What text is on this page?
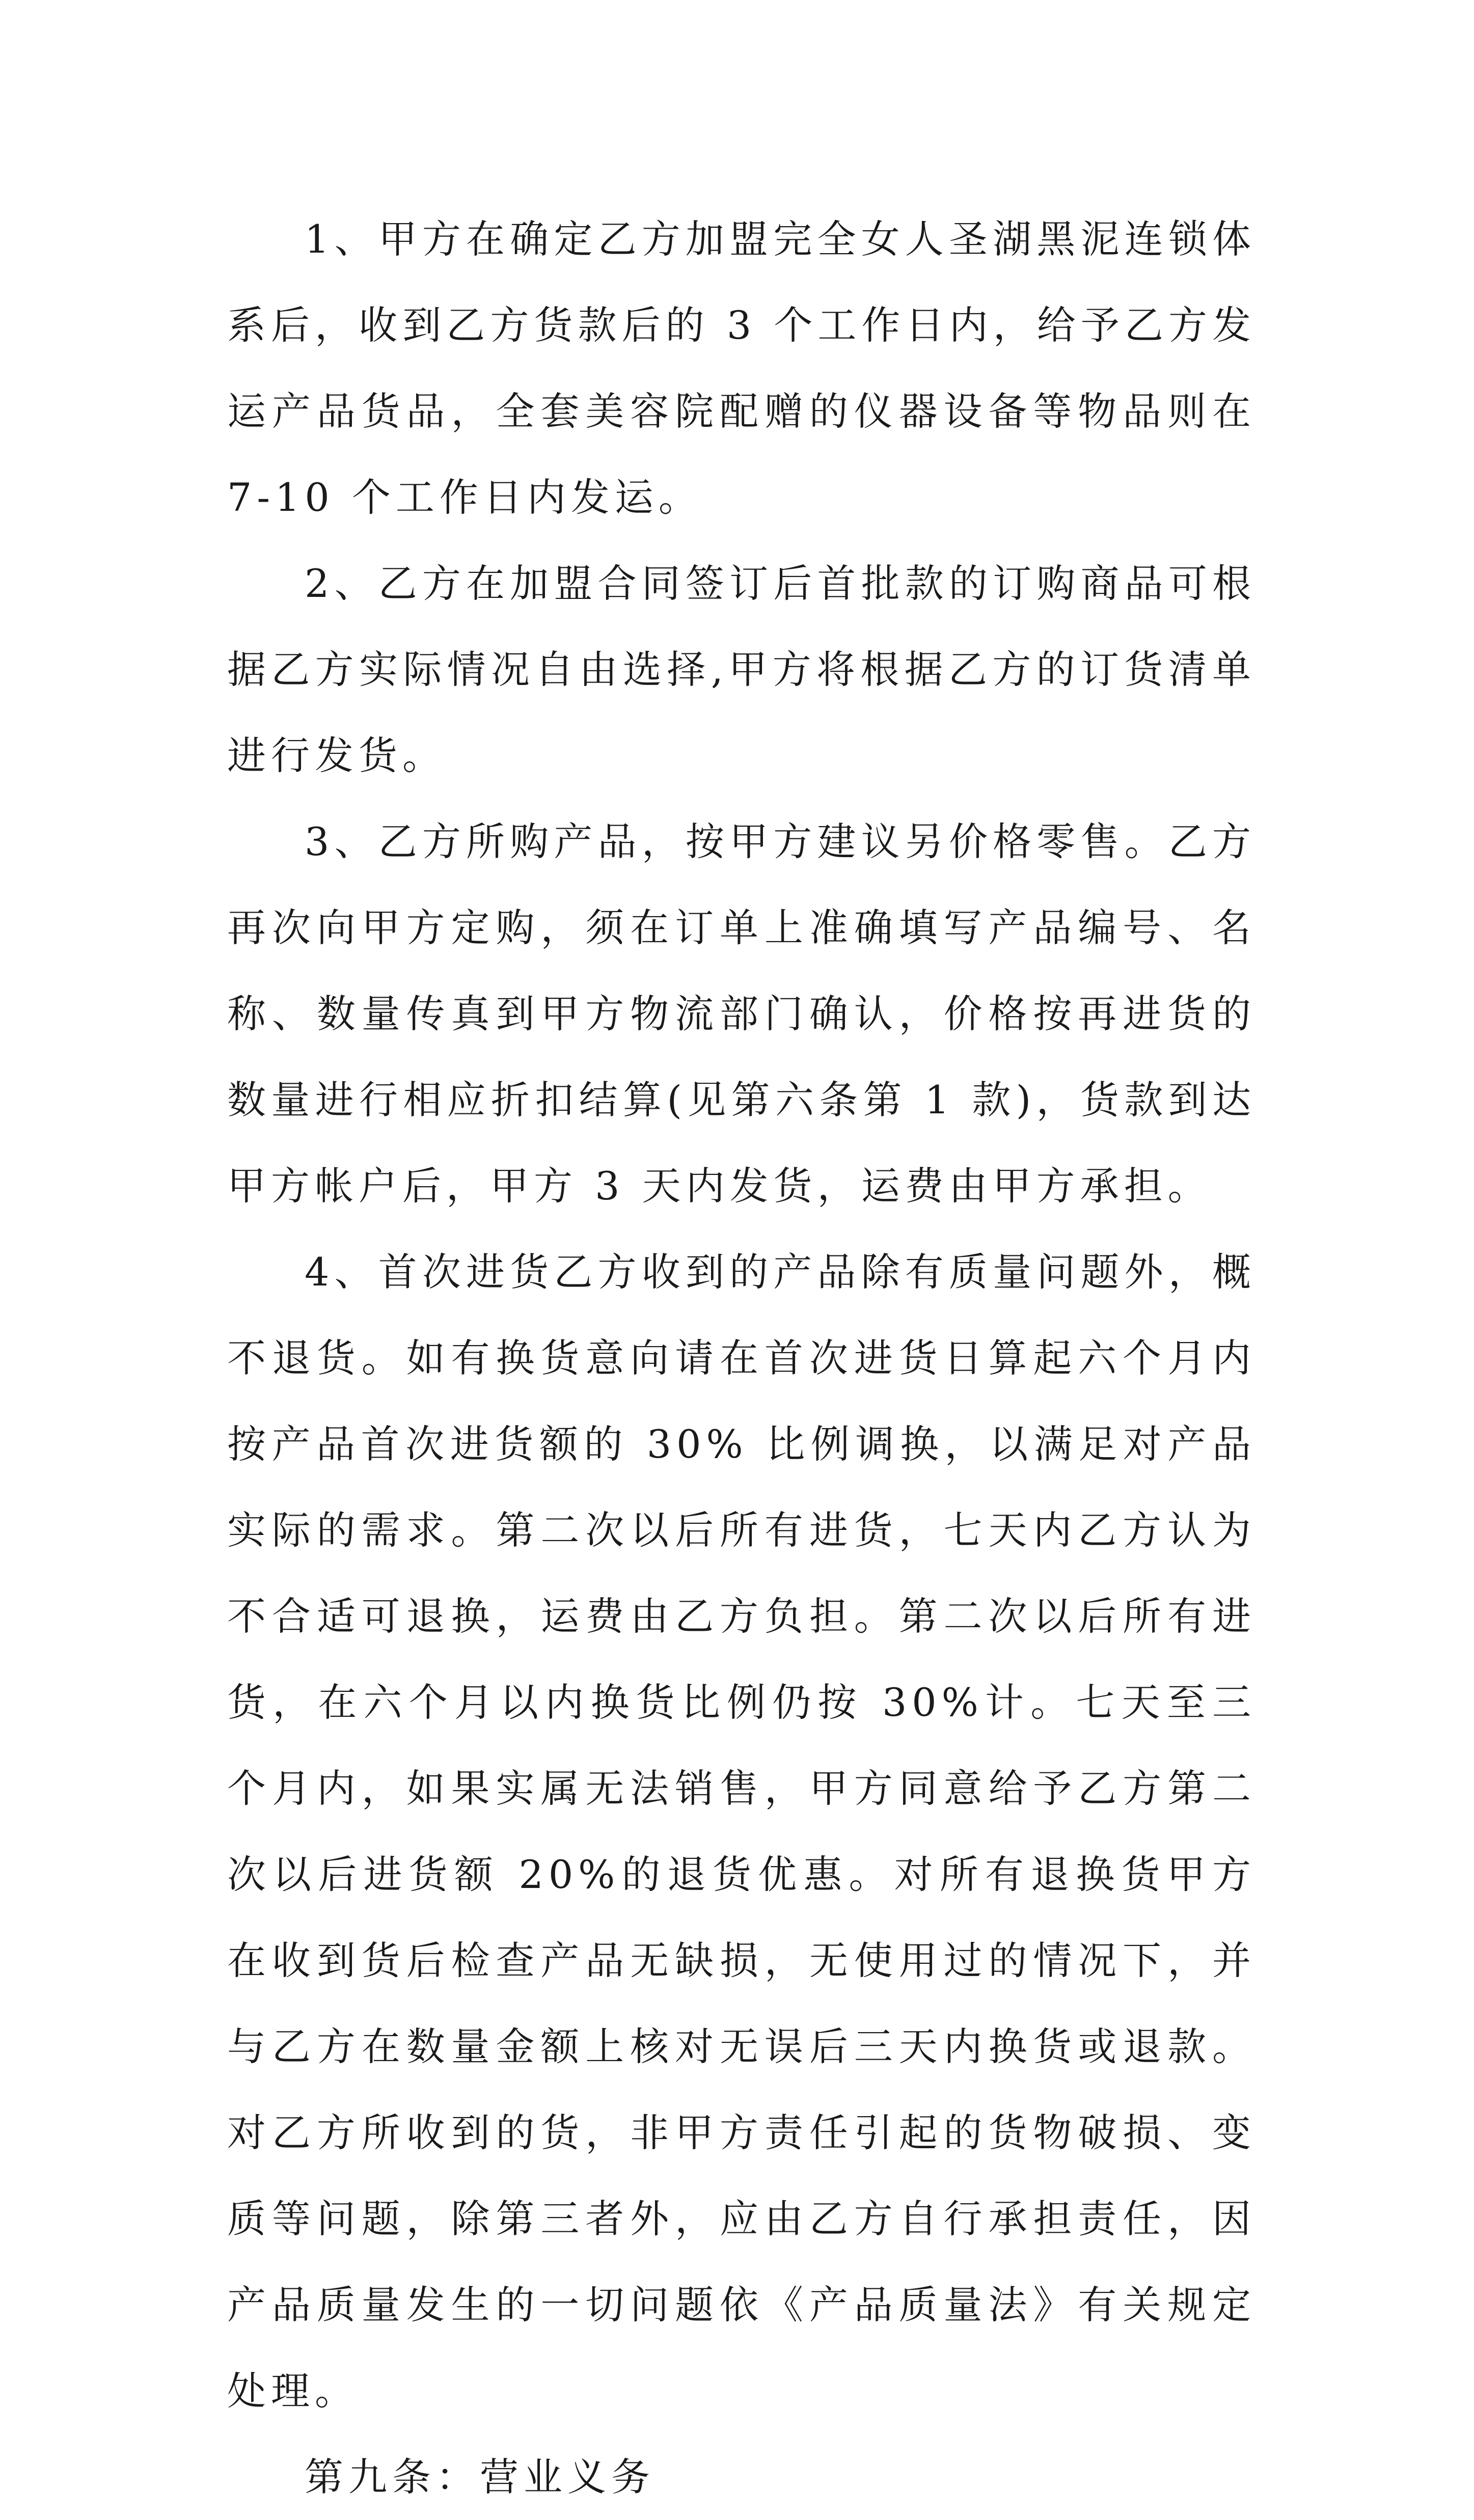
1、甲方在确定乙方加盟完全女人圣湖黑泥连锁体系后，收到乙方货款后的 3 个工作日内，给予乙方发运产品货品，全套美容院配赠的仪器设备等物品则在 7-10 个工作日内发运。

2、乙方在加盟合同签订后首批款的订购商品可根据乙方实际情况自由选择,甲方将根据乙方的订货清单进行发货。

3、乙方所购产品，按甲方建议另价格零售。乙方再次向甲方定购，须在订单上准确填写产品编号、名称、数量传真到甲方物流部门确认，价格按再进货的数量进行相应折扣结算(见第六条第 1 款)，货款到达甲方帐户后，甲方 3 天内发货，运费由甲方承担。

4、首次进货乙方收到的产品除有质量问题外，概不退货。如有换货意向请在首次进货日算起六个月内按产品首次进货额的 30% 比例调换，以满足对产品实际的需求。第二次以后所有进货，七天内乙方认为不合适可退换，运费由乙方负担。第二次以后所有进货，在六个月以内换货比例仍按 30%计。七天至三个月内，如果实属无法销售，甲方同意给予乙方第二次以后进货额 20%的退货优惠。对所有退换货甲方在收到货后检查产品无缺损，无使用过的情况下，并与乙方在数量金额上核对无误后三天内换货或退款。对乙方所收到的货，非甲方责任引起的货物破损、变质等问题，除第三者外，应由乙方自行承担责任，因产品质量发生的一切问题依《产品质量法》有关规定处理。

第九条：营业义务
